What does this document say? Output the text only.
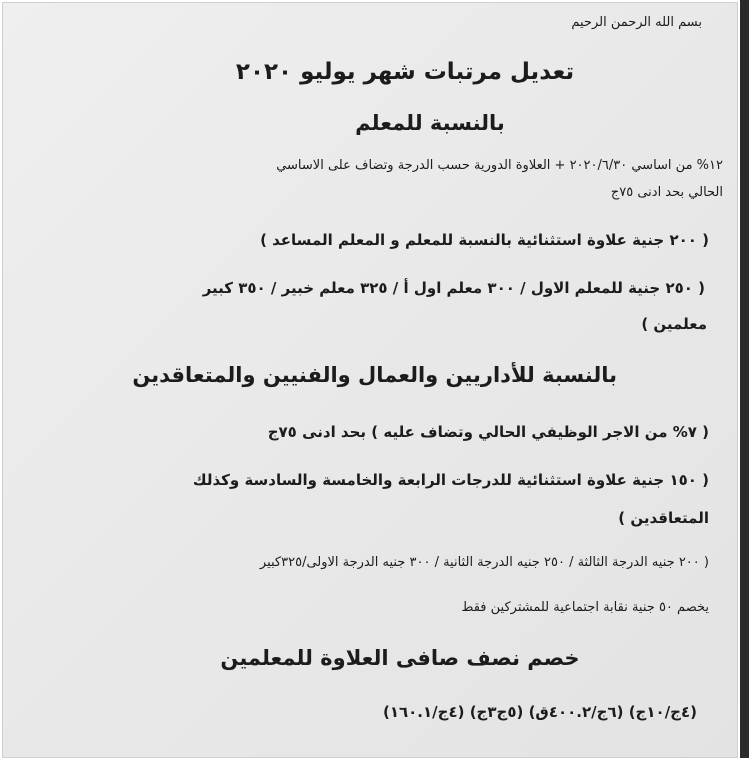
بسم الله الرحمن الرحيم
تعديل مرتبات شهر يوليو ٢٠٢٠
بالنسبة للمعلم
١٢% من اساسي ٢٠٢٠/٦/٣٠ + العلاوة الدورية حسب الدرجة وتضاف على الاساسي
الحالي بحد ادنى ٧٥ج
( ٢٠٠ جنية علاوة استثنائية بالنسبة للمعلم و المعلم المساعد )
( ٢٥٠ جنية للمعلم الاول / ٣٠٠ معلم اول أ / ٣٢٥ معلم خبير / ٣٥٠ كبير
معلمين )
بالنسبة للأداريين والعمال والفنيين والمتعاقدين
( ٧% من الاجر الوظيفي الحالي وتضاف عليه ) بحد ادنى ٧٥ج
( ١٥٠ جنية علاوة استثنائية للدرجات الرابعة والخامسة والسادسة وكذلك
المتعاقدين )
( ٢٠٠ جنيه الدرجة الثالثة / ٢٥٠ جنيه الدرجة الثانية / ٣٠٠ جنيه الدرجة الاولى/٣٢٥كبير
يخصم ٥٠ جنية نقابة اجتماعية للمشتركين فقط
خصم نصف صافى العلاوة للمعلمين
(٤ج/١٠ج) (٦ج/٤٠٠.٢ق) (٥ج٣ج) (٤ج/١٦٠.١)
